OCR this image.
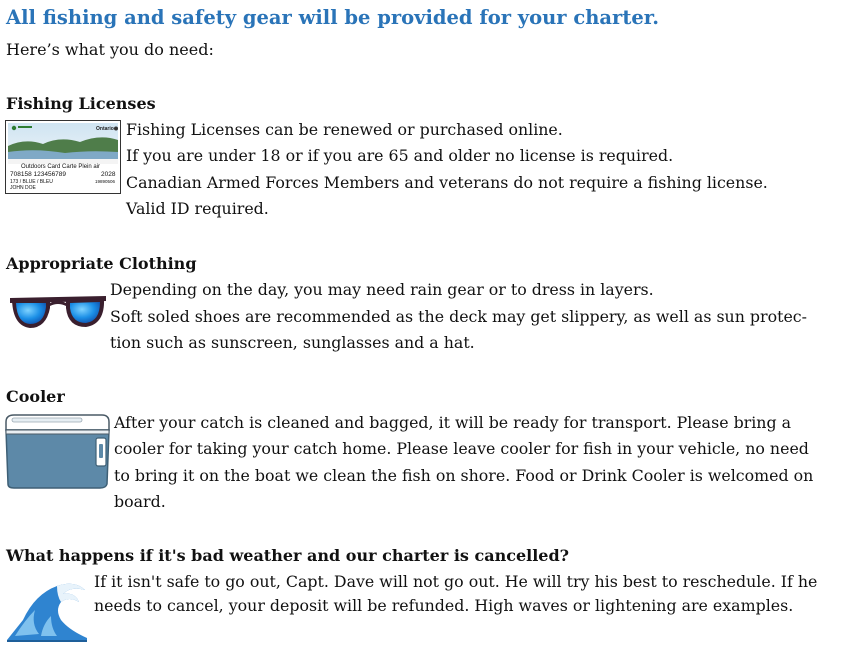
All fishing and safety gear will be provided for your charter.
Here’s what you do need:
Fishing Licenses
Ontario
Outdoors Card Carte Plein air
708158 123456789	2028
173 / BLUE / BLEU	19890506
JOHN DOE
Fishing Licenses can be renewed or purchased online.
If you are under 18 or if you are 65 and older no license is required.
Canadian Armed Forces Members and veterans do not require a fishing license.
Valid ID required.
Appropriate Clothing
Depending on the day, you may need rain gear or to dress in layers.
Soft soled shoes are recommended as the deck may get slippery, as well as sun protec-
tion such as sunscreen, sunglasses and a hat.
Cooler
After your catch is cleaned and bagged, it will be ready for transport. Please bring a
cooler for taking your catch home. Please leave cooler for fish in your vehicle, no need
to bring it on the boat we clean the fish on shore. Food or Drink Cooler is welcomed on
board.
What happens if it's bad weather and our charter is cancelled?
If it isn't safe to go out, Capt. Dave will not go out. He will try his best to reschedule. If he
needs to cancel, your deposit will be refunded. High waves or lightening are examples.
